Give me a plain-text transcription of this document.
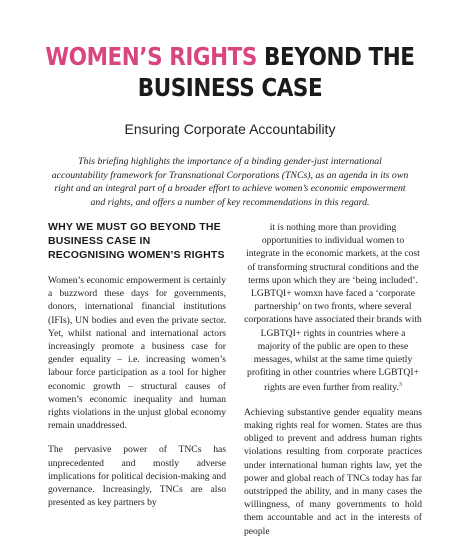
WOMEN’S RIGHTS BEYOND THE
BUSINESS CASE
Ensuring Corporate Accountability
This briefing highlights the importance of a binding gender-just international accountability framework for Transnational Corporations (TNCs), as an agenda in its own right and an integral part of a broader effort to achieve women’s economic empowerment and rights, and offers a number of key recommendations in this regard.
WHY WE MUST GO BEYOND THE BUSINESS CASE IN RECOGNISING WOMEN’S RIGHTS

Women’s economic empowerment is certainly a buzzword these days for governments, donors, international financial institutions (IFIs), UN bodies and even the private sector. Yet, whilst national and international actors increasingly promote a business case for gender equality – i.e. increasing women’s labour force participation as a tool for higher economic growth – structural causes of women’s economic inequality and human rights violations in the unjust global economy remain unaddressed.

The pervasive power of TNCs has unprecedented and mostly adverse implications for political decision-making and governance. Increasingly, TNCs are also presented as key partners by

it is nothing more than providing opportunities to individual women to integrate in the economic markets, at the cost of transforming structural conditions and the terms upon which they are ‘being included’. LGBTQI+ womxn have faced a ‘corporate partnership’ on two fronts, where several corporations have associated their brands with LGBTQI+ rights in countries where a majority of the public are open to these messages, whilst at the same time quietly profiting in other countries where LGBTQI+ rights are even further from reality.$^3$

Achieving substantive gender equality means making rights real for women. States are thus obliged to prevent and address human rights violations resulting from corporate practices under international human rights law, yet the power and global reach of TNCs today has far outstripped the ability, and in many cases the willingness, of many governments to hold them accountable and act in the interests of people
